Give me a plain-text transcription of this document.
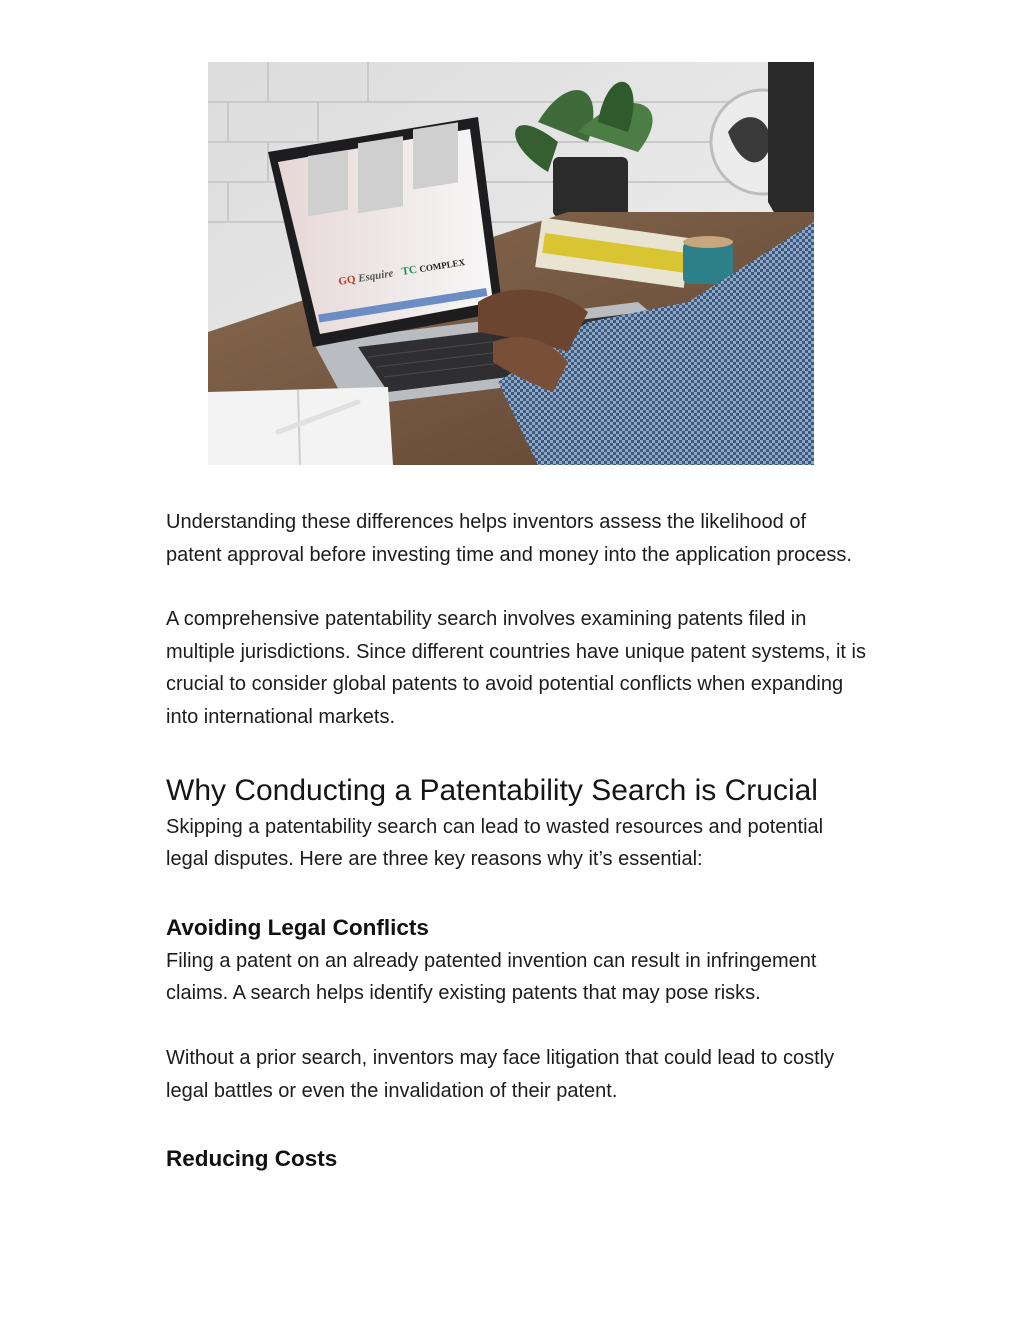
GQ Esquire TC COMPLEX

Understanding these differences helps inventors assess the likelihood of patent approval before investing time and money into the application process.

A comprehensive patentability search involves examining patents filed in multiple jurisdictions. Since different countries have unique patent systems, it is crucial to consider global patents to avoid potential conflicts when expanding into international markets.

Why Conducting a Patentability Search is Crucial

Skipping a patentability search can lead to wasted resources and potential legal disputes. Here are three key reasons why it’s essential:

Avoiding Legal Conflicts

Filing a patent on an already patented invention can result in infringement claims. A search helps identify existing patents that may pose risks.

Without a prior search, inventors may face litigation that could lead to costly legal battles or even the invalidation of their patent.

Reducing Costs
